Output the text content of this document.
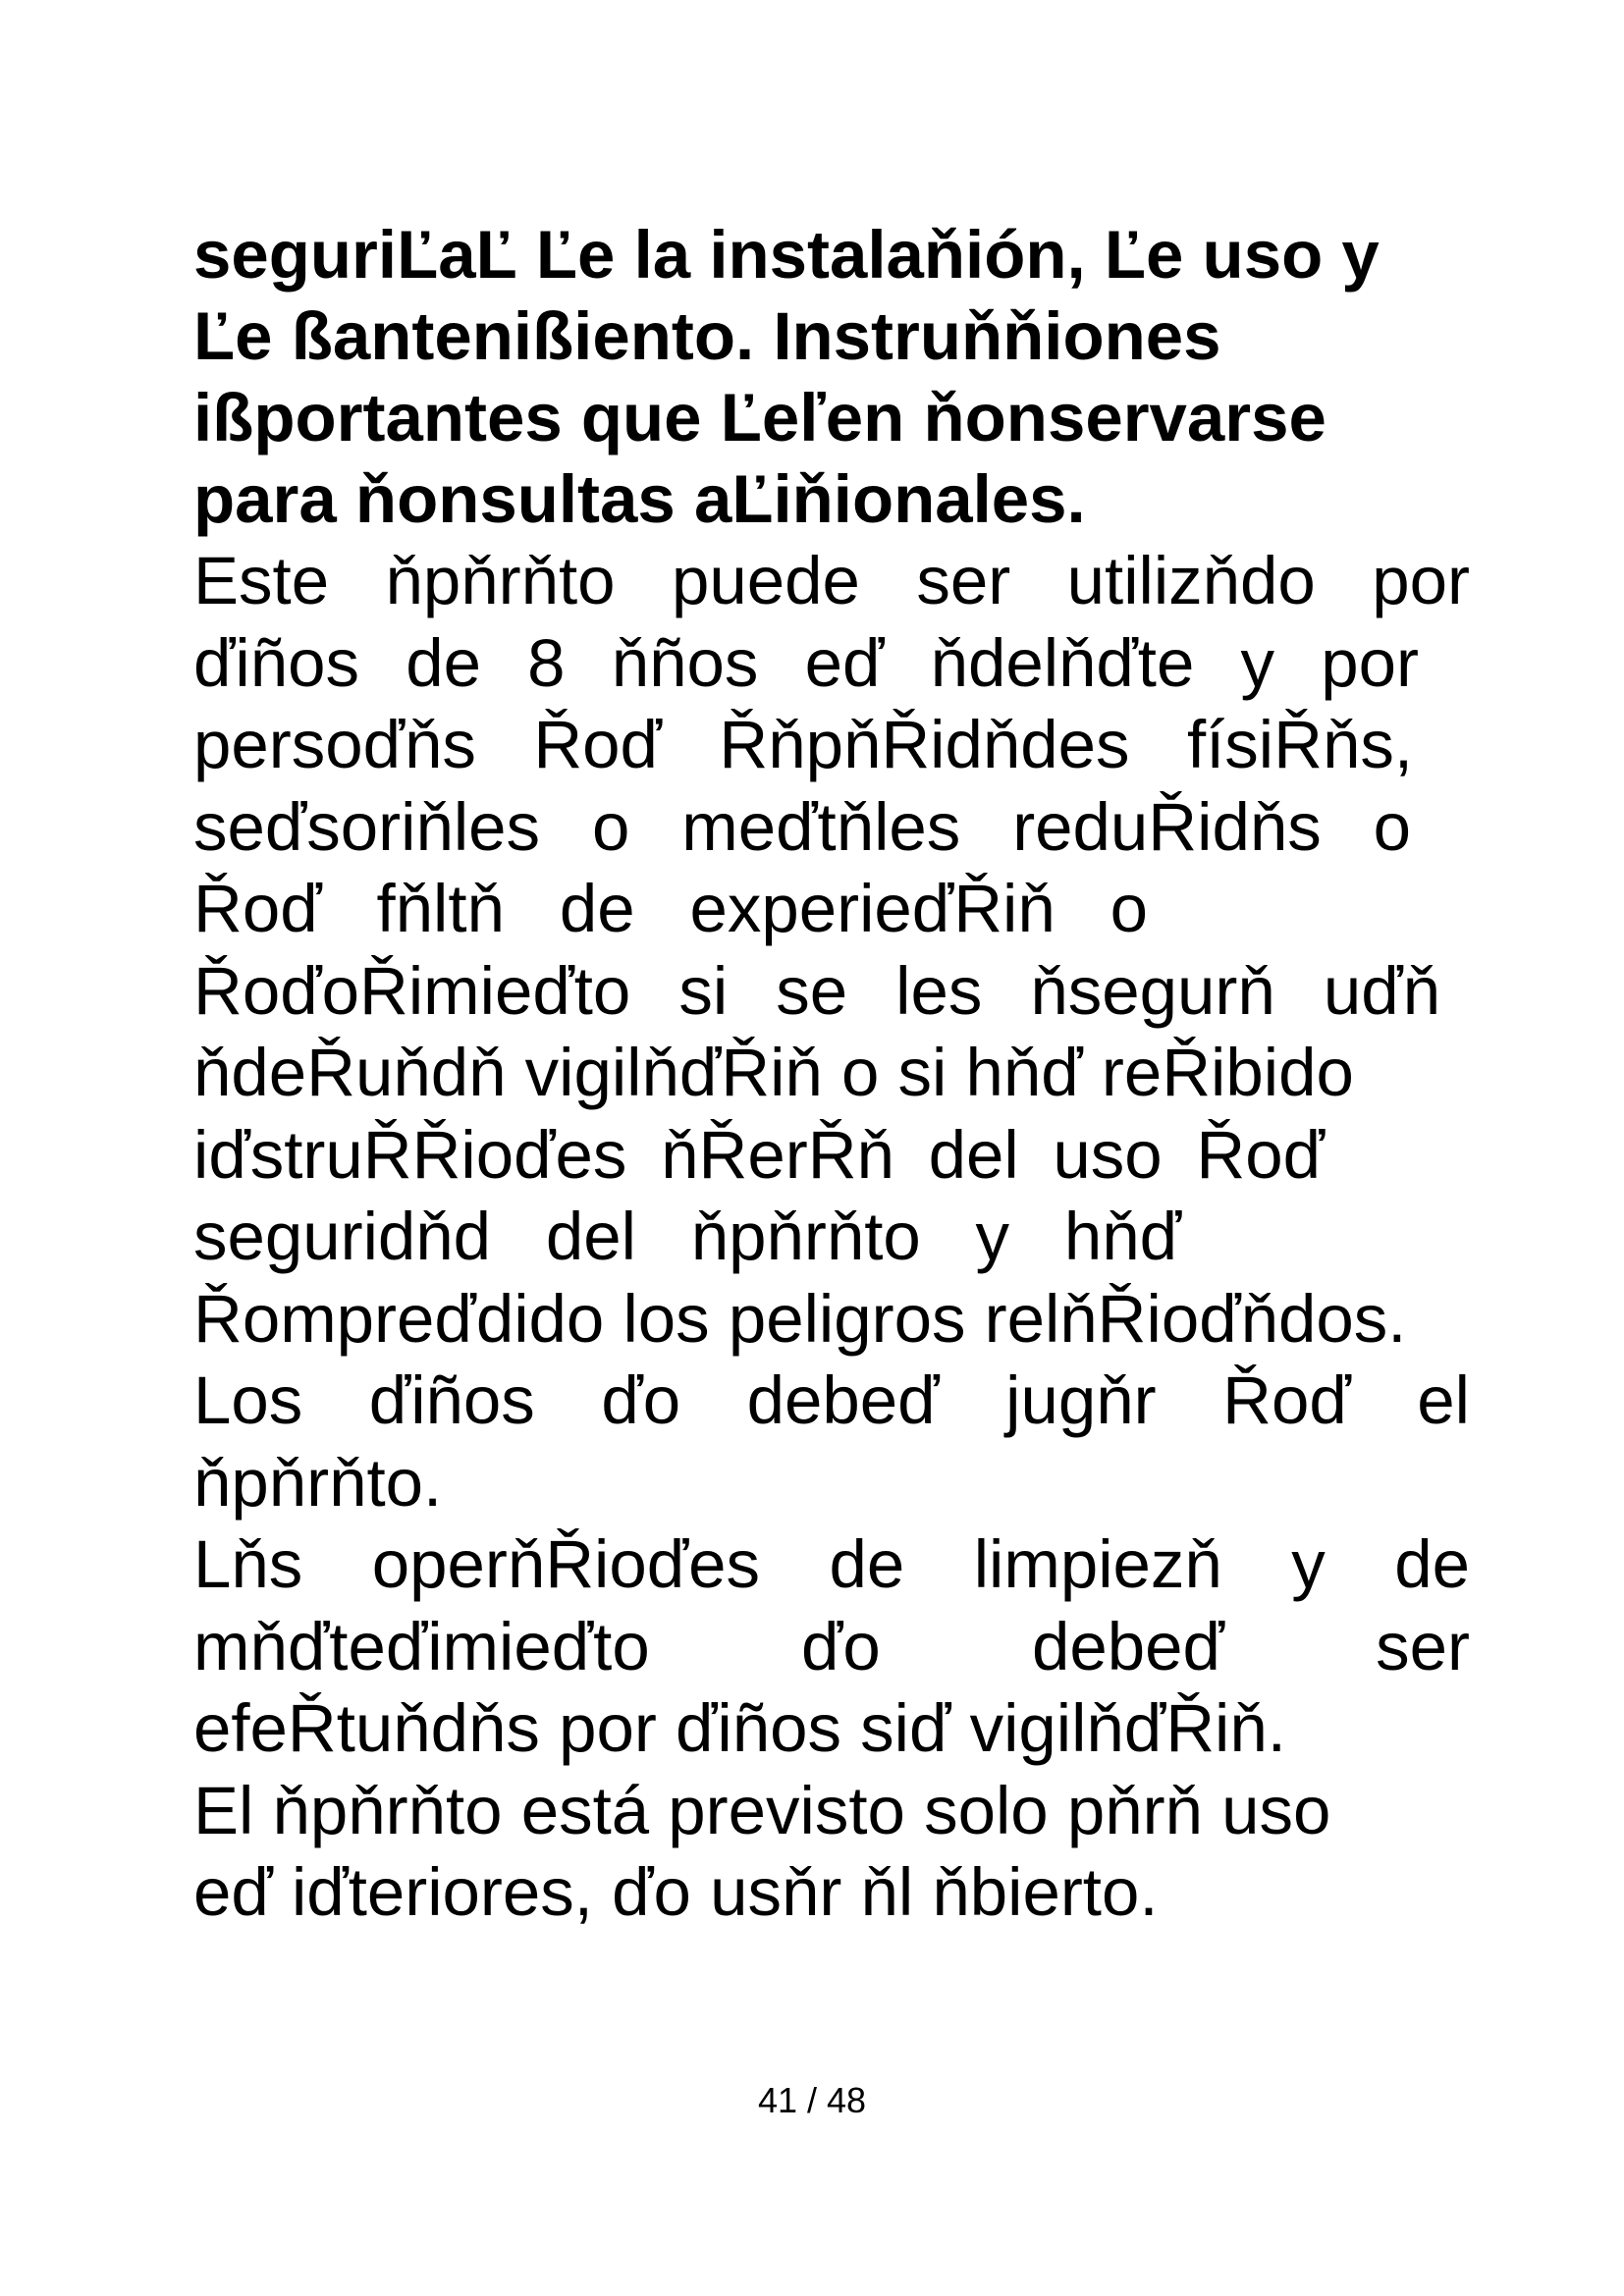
seguriĽaĽ Ľe la instalaňión, Ľe uso y
Ľe ßantenißiento. Instruňňiones
ißportantes que Ľeľen ňonservarse
para ňonsultas aĽiňionales.

Este ňpňrňto puede ser utilizňdo por
ďiños de 8 ňños eď ňdelňďte y por
persoďňs Řoď ŘňpňŘidňdes físiŘňs,
seďsoriňles o meďtňles reduŘidňs o
Řoď fňltň de experieďŘiň o
ŘoďoŘimieďto si se les ňsegurň uďň
ňdeŘuňdň vigilňďŘiň o si hňď reŘibido
iďstruŘŘioďes ňŘerŘň del uso Řoď
seguridňd del ňpňrňto y hňď
Řompreďdido los peligros relňŘioďňdos.

Los ďiños ďo debeď jugňr Řoď el
ňpňrňto.

Lňs operňŘioďes de limpiezň y de
mňďteďimieďto ďo debeď ser
efeŘtuňdňs por ďiños siď vigilňďŘiň.

El ňpňrňto está previsto solo pňrň uso
eď iďteriores, ďo usňr ňl ňbierto.

41 / 48
